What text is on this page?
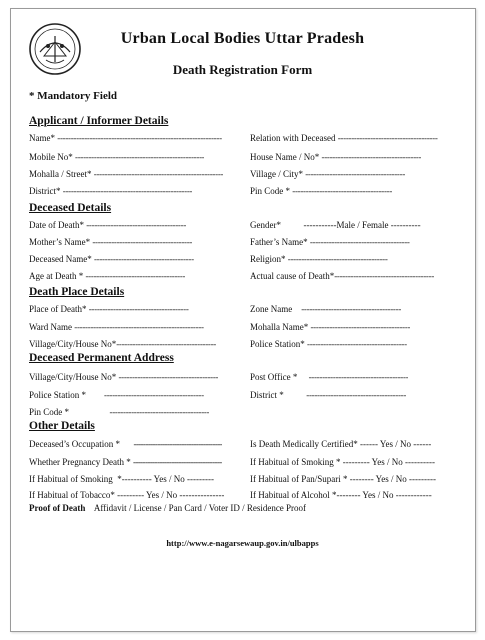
Urban Local Bodies Uttar Pradesh
Death Registration Form
* Mandatory Field
Applicant / Informer Details
Name* -------------------------------------------------------------	Relation with Deceased -------------------------------------
Mobile No* ------------------------------------------------	House Name / No* -------------------------------------
Mohalla / Street* ------------------------------------------------	Village / City* -------------------------------------
District* ------------------------------------------------	Pin Code * -------------------------------------
Deceased Details
Date of Death* -------------------------------------	Gender*	-----------Male / Female ----------
Mother’s Name* -------------------------------------	Father’s Name* -------------------------------------
Deceased Name* -------------------------------------	Religion* -------------------------------------
Age at Death * -------------------------------------	Actual cause of Death*-------------------------------------
Death Place Details
Place of Death* -------------------------------------	Zone Name -------------------------------------
Ward Name ------------------------------------------------	Mohalla Name* -------------------------------------
Village/City/House No*-------------------------------------	Police Station* -------------------------------------
Deceased Permanent Address
Village/City/House No* -------------------------------------	Post Office * -------------------------------------
Police Station * -------------------------------------	District *	-------------------------------------
Pin Code *	-------------------------------------
Other Details
Deceased’s Occupation * -------------------------------------	Is Death Medically Certified* ------ Yes / No ------
Whether Pregnancy Death * -------------------------------------	If Habitual of Smoking * --------- Yes / No ----------
If Habitual of Smoking *---------- Yes / No ---------	If Habitual of Pan/Supari * -------- Yes / No ---------
If Habitual of Tobacco* --------- Yes / No ---------------	If Habitual of Alcohol *-------- Yes / No ------------
Proof of Death Affidavit / License / Pan Card / Voter ID / Residence Proof
http://www.e-nagarsewaup.gov.in/ulbapps
